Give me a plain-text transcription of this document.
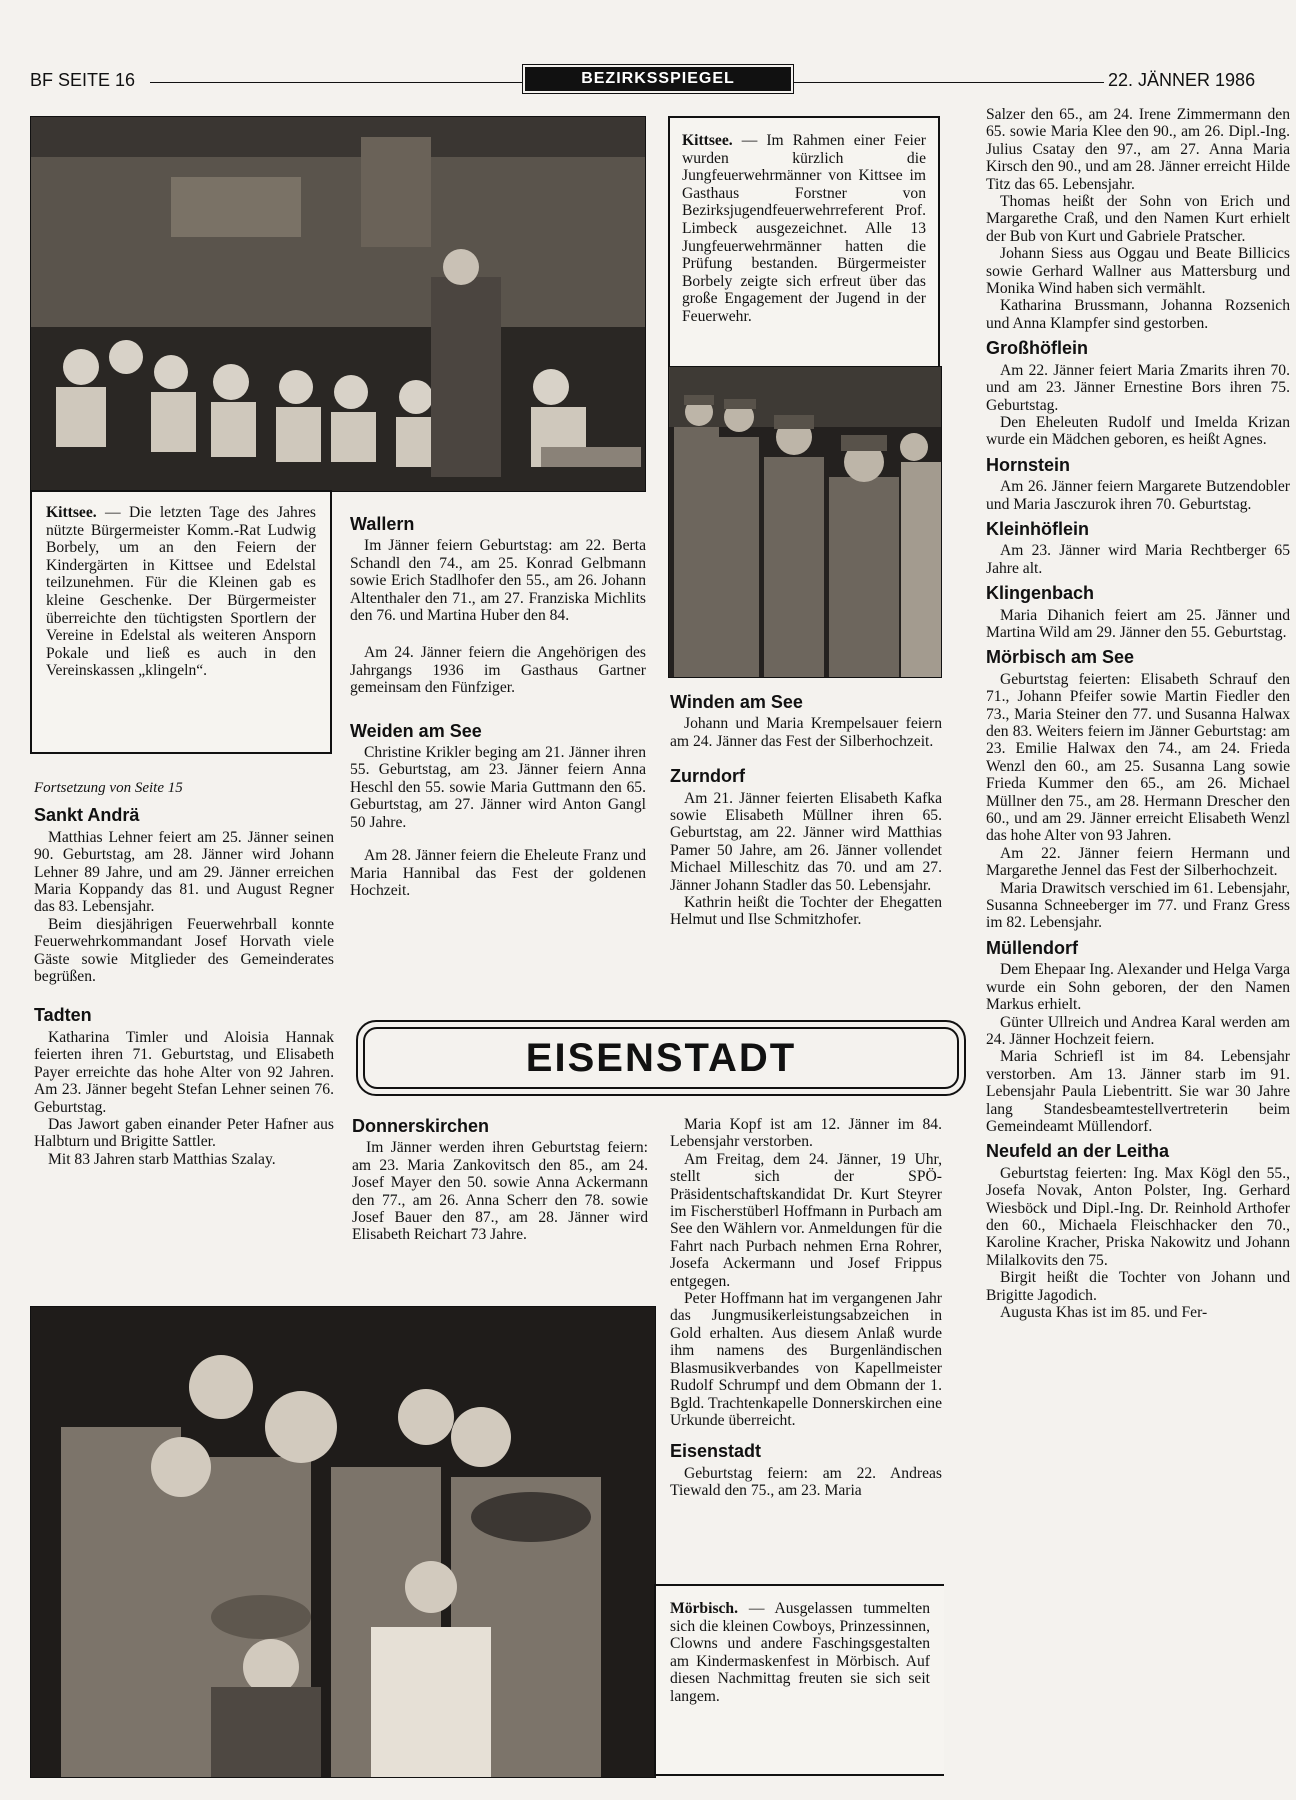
BF SEITE 16	BEZIRKSSPIEGEL	22. JÄNNER 1986
Kittsee. — Die letzten Tage des Jahres nützte Bürgermeister Komm.-Rat Ludwig Borbely, um an den Feiern der Kindergärten in Kittsee und Edelstal teilzunehmen. Für die Kleinen gab es kleine Geschenke. Der Bürgermeister überreichte den tüchtigsten Sportlern der Vereine in Edelstal als weiteren Ansporn Pokale und ließ es auch in den Vereinskassen „klingeln“.
Wallern

Im Jänner feiern Geburtstag: am 22. Berta Schandl den 74., am 25. Konrad Gelbmann sowie Erich Stadlhofer den 55., am 26. Johann Altenthaler den 71., am 27. Franziska Michlits den 76. und Martina Huber den 84.

Am 24. Jänner feiern die Angehörigen des Jahrgangs 1936 im Gasthaus Gartner gemeinsam den Fünfziger.

Weiden am See

Christine Krikler beging am 21. Jänner ihren 55. Geburtstag, am 23. Jänner feiern Anna Heschl den 55. sowie Maria Guttmann den 65. Geburtstag, am 27. Jänner wird Anton Gangl 50 Jahre.

Am 28. Jänner feiern die Eheleute Franz und Maria Hannibal das Fest der goldenen Hochzeit.

Fortsetzung von Seite 15
Sankt Andrä

Matthias Lehner feiert am 25. Jänner seinen 90. Geburtstag, am 28. Jänner wird Johann Lehner 89 Jahre, und am 29. Jänner erreichen Maria Koppandy das 81. und August Regner das 83. Lebensjahr.

Beim diesjährigen Feuerwehrball konnte Feuerwehrkommandant Josef Horvath viele Gäste sowie Mitglieder des Gemeinderates begrüßen.

Tadten

Katharina Timler und Aloisia Hannak feierten ihren 71. Geburtstag, und Elisabeth Payer erreichte das hohe Alter von 92 Jahren. Am 23. Jänner begeht Stefan Lehner seinen 76. Geburtstag.

Das Jawort gaben einander Peter Hafner aus Halbturn und Brigitte Sattler.

Mit 83 Jahren starb Matthias Szalay.

Kittsee. — Im Rahmen einer Feier wurden kürzlich die Jungfeuerwehrmänner von Kittsee im Gasthaus Forstner von Bezirksjugendfeuerwehrreferent Prof. Limbeck ausgezeichnet. Alle 13 Jungfeuerwehrmänner hatten die Prüfung bestanden. Bürgermeister Borbely zeigte sich erfreut über das große Engagement der Jugend in der Feuerwehr.
Winden am See

Johann und Maria Krempelsauer feiern am 24. Jänner das Fest der Silberhochzeit.

Zurndorf

Am 21. Jänner feierten Elisabeth Kafka sowie Elisabeth Müllner ihren 65. Geburtstag, am 22. Jänner wird Matthias Pamer 50 Jahre, am 26. Jänner vollendet Michael Milleschitz das 70. und am 27. Jänner Johann Stadler das 50. Lebensjahr.

Kathrin heißt die Tochter der Ehegatten Helmut und Ilse Schmitzhofer.

EISENSTADT
Donnerskirchen

Im Jänner werden ihren Geburtstag feiern: am 23. Maria Zankovitsch den 85., am 24. Josef Mayer den 50. sowie Anna Ackermann den 77., am 26. Anna Scherr den 78. sowie Josef Bauer den 87., am 28. Jänner wird Elisabeth Reichart 73 Jahre.

Maria Kopf ist am 12. Jänner im 84. Lebensjahr verstorben.

Am Freitag, dem 24. Jänner, 19 Uhr, stellt sich der SPÖ-Präsidentschaftskandidat Dr. Kurt Steyrer im Fischerstüberl Hoffmann in Purbach am See den Wählern vor. Anmeldungen für die Fahrt nach Purbach nehmen Erna Rohrer, Josefa Ackermann und Josef Frippus entgegen.

Peter Hoffmann hat im vergangenen Jahr das Jungmusikerleistungsabzeichen in Gold erhalten. Aus diesem Anlaß wurde ihm namens des Burgenländischen Blasmusikverbandes von Kapellmeister Rudolf Schrumpf und dem Obmann der 1. Bgld. Trachtenkapelle Donnerskirchen eine Urkunde überreicht.

Eisenstadt

Geburtstag feiern: am 22. Andreas Tiewald den 75., am 23. Maria

Mörbisch. — Ausgelassen tummelten sich die kleinen Cowboys, Prinzessinnen, Clowns und andere Faschingsgestalten am Kindermaskenfest in Mörbisch. Auf diesen Nachmittag freuten sie sich seit langem.

Salzer den 65., am 24. Irene Zimmermann den 65. sowie Maria Klee den 90., am 26. Dipl.-Ing. Julius Csatay den 97., am 27. Anna Maria Kirsch den 90., und am 28. Jänner erreicht Hilde Titz das 65. Lebensjahr.

Thomas heißt der Sohn von Erich und Margarethe Craß, und den Namen Kurt erhielt der Bub von Kurt und Gabriele Pratscher.

Johann Siess aus Oggau und Beate Billicics sowie Gerhard Wallner aus Mattersburg und Monika Wind haben sich vermählt.

Katharina Brussmann, Johanna Rozsenich und Anna Klampfer sind gestorben.

Großhöflein

Am 22. Jänner feiert Maria Zmarits ihren 70. und am 23. Jänner Ernestine Bors ihren 75. Geburtstag.

Den Eheleuten Rudolf und Imelda Krizan wurde ein Mädchen geboren, es heißt Agnes.

Hornstein

Am 26. Jänner feiern Margarete Butzendobler und Maria Jasczurok ihren 70. Geburtstag.

Kleinhöflein

Am 23. Jänner wird Maria Rechtberger 65 Jahre alt.

Klingenbach

Maria Dihanich feiert am 25. Jänner und Martina Wild am 29. Jänner den 55. Geburtstag.

Mörbisch am See

Geburtstag feierten: Elisabeth Schrauf den 71., Johann Pfeifer sowie Martin Fiedler den 73., Maria Steiner den 77. und Susanna Halwax den 83. Weiters feiern im Jänner Geburtstag: am 23. Emilie Halwax den 74., am 24. Frieda Wenzl den 60., am 25. Susanna Lang sowie Frieda Kummer den 65., am 26. Michael Müllner den 75., am 28. Hermann Drescher den 60., und am 29. Jänner erreicht Elisabeth Wenzl das hohe Alter von 93 Jahren.

Am 22. Jänner feiern Hermann und Margarethe Jennel das Fest der Silberhochzeit.

Maria Drawitsch verschied im 61. Lebensjahr, Susanna Schneeberger im 77. und Franz Gress im 82. Lebensjahr.

Müllendorf

Dem Ehepaar Ing. Alexander und Helga Varga wurde ein Sohn geboren, der den Namen Markus erhielt.

Günter Ullreich und Andrea Karal werden am 24. Jänner Hochzeit feiern.

Maria Schriefl ist im 84. Lebensjahr verstorben. Am 13. Jänner starb im 91. Lebensjahr Paula Liebentritt. Sie war 30 Jahre lang Standesbeamtestellvertreterin beim Gemeindeamt Müllendorf.

Neufeld an der Leitha

Geburtstag feierten: Ing. Max Kögl den 55., Josefa Novak, Anton Polster, Ing. Gerhard Wiesböck und Dipl.-Ing. Dr. Reinhold Arthofer den 60., Michaela Fleischhacker den 70., Karoline Kracher, Priska Nakowitz und Johann Milalkovits den 75.

Birgit heißt die Tochter von Johann und Brigitte Jagodich.

Augusta Khas ist im 85. und Fer-
